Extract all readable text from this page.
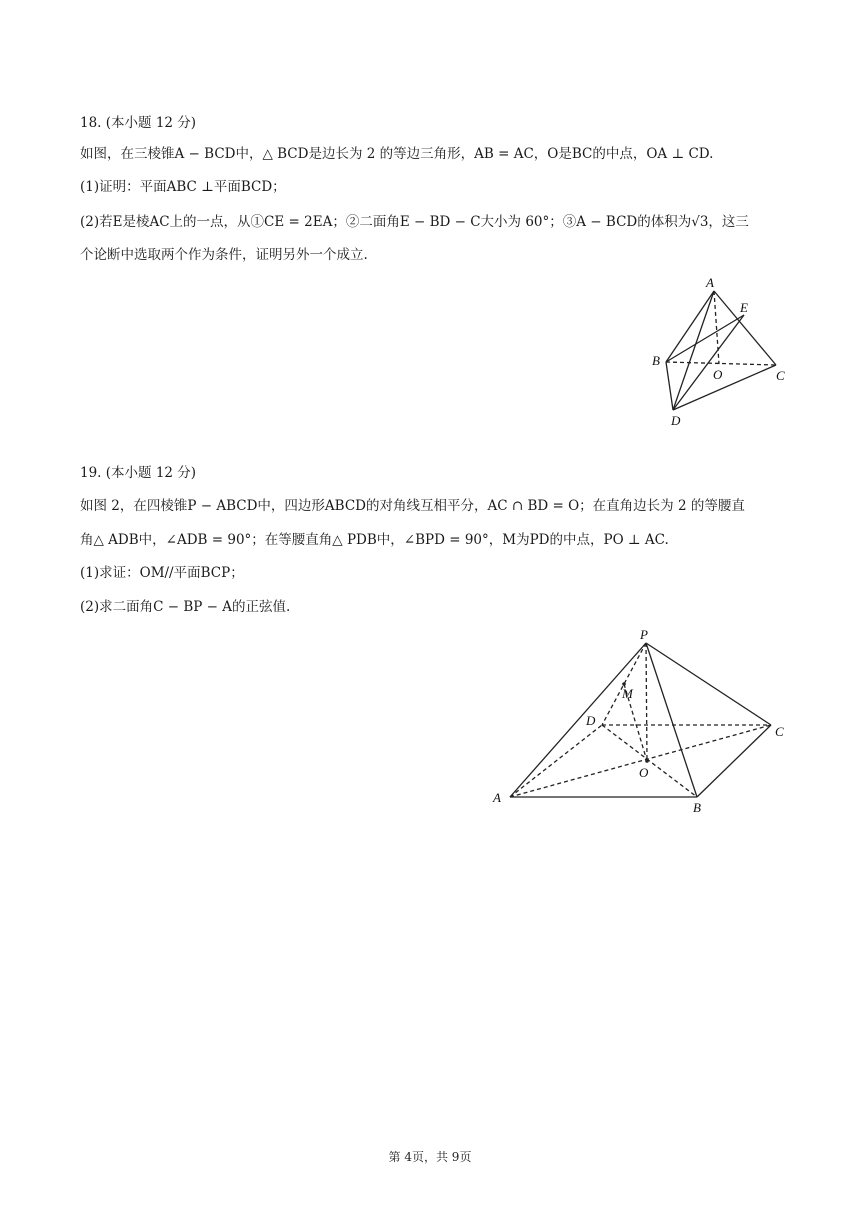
18. (本小题 12 分)
如图，在三棱锥A − BCD中，△ BCD是边长为 2 的等边三角形，AB = AC，O是BC的中点，OA ⊥ CD.
(1)证明：平面ABC ⊥平面BCD；
(2)若E是棱AC上的一点，从①CE = 2EA；②二面角E − BD − C大小为 60°；③A − BCD的体积为√3，这三
个论断中选取两个作为条件，证明另外一个成立.
A
E
B
O	C
D
P
M
D
C
O
A
B
19. (本小题 12 分)
如图 2，在四棱锥P − ABCD中，四边形ABCD的对角线互相平分，AC ∩ BD = O；在直角边长为 2 的等腰直
角△ ADB中，∠ADB = 90°；在等腰直角△ PDB中，∠BPD = 90°，M为PD的中点，PO ⊥ AC.
(1)求证：OM//平面BCP；
(2)求二面角C − BP − A的正弦值.
第 4页，共 9页
